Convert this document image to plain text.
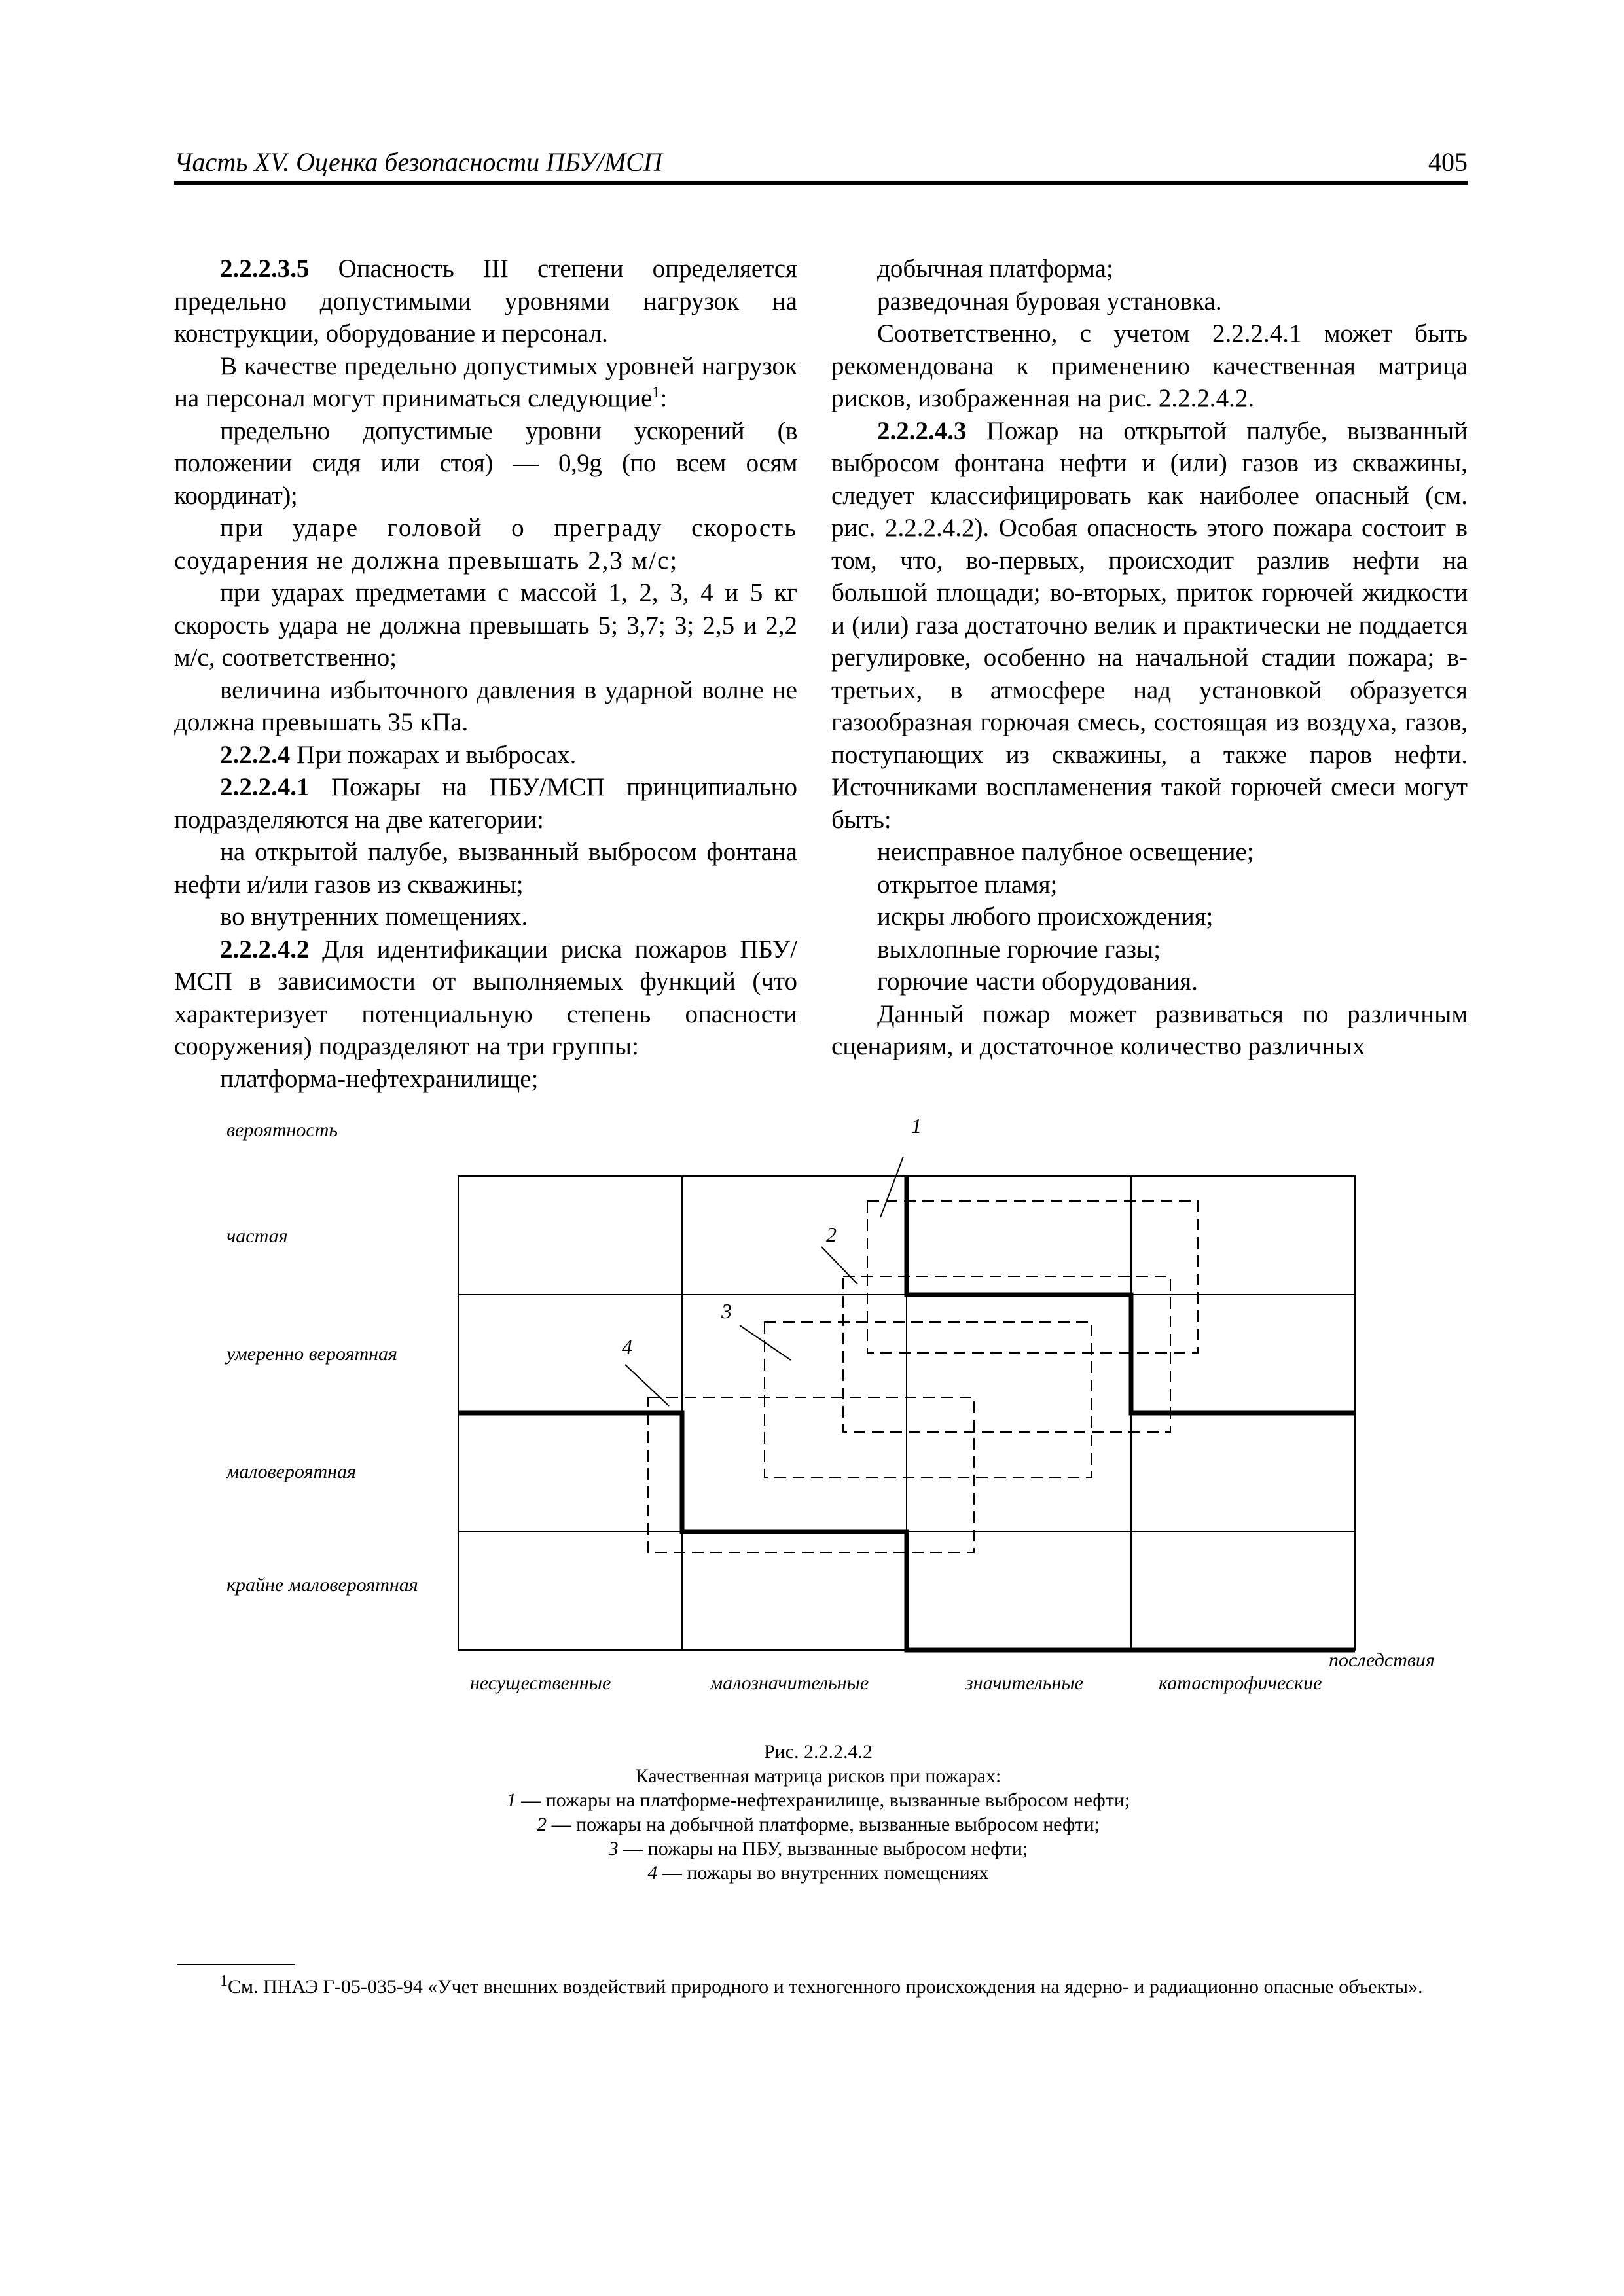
Часть XV. Оценка безопасности ПБУ/МСП	405

2.2.2.3.5 Опасность III степени определяется предельно допустимыми уровнями нагрузок на конструкции, оборудование и персонал.

В качестве предельно допустимых уровней нагрузок на персонал могут приниматься следующие$^1$:

предельно допустимые уровни ускорений (в положении сидя или стоя) — 0,9g (по всем осям координат);

при ударе головой о преграду скорость соударения не должна превышать 2,3 м/с;

при ударах предметами с массой 1, 2, 3, 4 и 5 кг скорость удара не должна превышать 5; 3,7; 3; 2,5 и 2,2 м/с, соответственно;

величина избыточного давления в ударной волне не должна превышать 35 кПа.

2.2.2.4 При пожарах и выбросах.

2.2.2.4.1 Пожары на ПБУ/МСП принципиально подразделяются на две категории:

на открытой палубе, вызванный выбросом фонтана нефти и/или газов из скважины;

во внутренних помещениях.

2.2.2.4.2 Для идентификации риска пожаров ПБУ/МСП в зависимости от выполняемых функций (что характеризует потенциальную степень опасности сооружения) подразделяют на три группы:

платформа-нефтехранилище;

добычная платформа;

разведочная буровая установка.

Соответственно, с учетом 2.2.2.4.1 может быть рекомендована к применению качественная матрица рисков, изображенная на рис. 2.2.2.4.2.

2.2.2.4.3 Пожар на открытой палубе, вызванный выбросом фонтана нефти и (или) газов из скважины, следует классифицировать как наиболее опасный (см. рис. 2.2.2.4.2). Особая опасность этого пожара состоит в том, что, во-первых, происходит разлив нефти на большой площади; во-вторых, приток горючей жидкости и (или) газа достаточно велик и практически не поддается регулировке, особенно на начальной стадии пожара; в-третьих, в атмосфере над установкой образуется газообразная горючая смесь, состоящая из воздуха, газов, поступающих из скважины, а также паров нефти. Источниками воспламенения такой горючей смеси могут быть:

неисправное палубное освещение;

открытое пламя;

искры любого происхождения;

выхлопные горючие газы;

горючие части оборудования.

Данный пожар может развиваться по различным сценариям, и достаточное количество различных

вероятность
частая
умеренно вероятная
маловероятная
крайне маловероятная
несущественные	малозначительные	значительные	катастрофические
последствия
1
2
3
4
Рис. 2.2.2.4.2
Качественная матрица рисков при пожарах:
1 — пожары на платформе-нефтехранилище, вызванные выбросом нефти;
2 — пожары на добычной платформе, вызванные выбросом нефти;
3 — пожары на ПБУ, вызванные выбросом нефти;
4 — пожары во внутренних помещениях
$^1$См. ПНАЭ Г-05-035-94 «Учет внешних воздействий природного и техногенного происхождения на ядерно- и радиационно опасные объекты».
